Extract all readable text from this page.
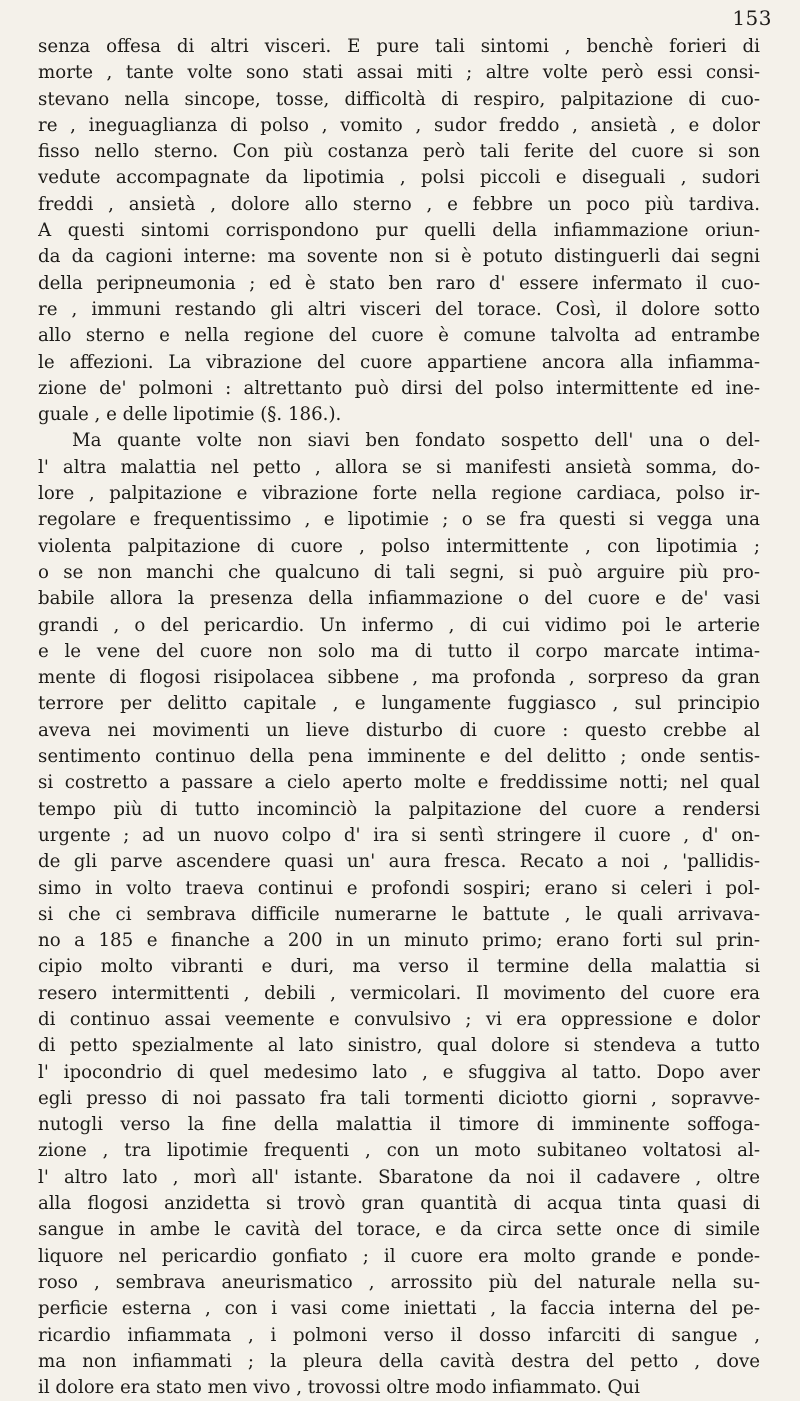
153
senza offesa di altri visceri. E pure tali sintomi , benchè forieri di
morte , tante volte sono stati assai miti ; altre volte però essi consi-
stevano nella sincope, tosse, difficoltà di respiro, palpitazione di cuo-
re , ineguaglianza di polso , vomito , sudor freddo , ansietà , e dolor
fisso nello sterno. Con più costanza però tali ferite del cuore si son
vedute accompagnate da lipotimia , polsi piccoli e diseguali , sudori
freddi , ansietà , dolore allo sterno , e febbre un poco più tardiva.
A questi sintomi corrispondono pur quelli della infiammazione oriun-
da da cagioni interne: ma sovente non si è potuto distinguerli dai segni
della peripneumonia ; ed è stato ben raro d' essere infermato il cuo-
re , immuni restando gli altri visceri del torace. Così, il dolore sotto
allo sterno e nella regione del cuore è comune talvolta ad entrambe
le affezioni. La vibrazione del cuore appartiene ancora alla infiamma-
zione de' polmoni : altrettanto può dirsi del polso intermittente ed ine-
guale , e delle lipotimie (§. 186.).
Ma quante volte non siavi ben fondato sospetto dell' una o del-
l' altra malattia nel petto , allora se si manifesti ansietà somma, do-
lore , palpitazione e vibrazione forte nella regione cardiaca, polso ir-
regolare e frequentissimo , e lipotimie ; o se fra questi si vegga una
violenta palpitazione di cuore , polso intermittente , con lipotimia ;
o se non manchi che qualcuno di tali segni, si può arguire più pro-
babile allora la presenza della infiammazione o del cuore e de' vasi
grandi , o del pericardio. Un infermo , di cui vidimo poi le arterie
e le vene del cuore non solo ma di tutto il corpo marcate intima-
mente di flogosi risipolacea sibbene , ma profonda , sorpreso da gran
terrore per delitto capitale , e lungamente fuggiasco , sul principio
aveva nei movimenti un lieve disturbo di cuore : questo crebbe al
sentimento continuo della pena imminente e del delitto ; onde sentis-
si costretto a passare a cielo aperto molte e freddissime notti; nel qual
tempo più di tutto incominciò la palpitazione del cuore a rendersi
urgente ; ad un nuovo colpo d' ira si sentì stringere il cuore , d' on-
de gli parve ascendere quasi un' aura fresca. Recato a noi , 'pallidis-
simo in volto traeva continui e profondi sospiri; erano si celeri i pol-
si che ci sembrava difficile numerarne le battute , le quali arrivava-
no a 185 e finanche a 200 in un minuto primo; erano forti sul prin-
cipio molto vibranti e duri, ma verso il termine della malattia si
resero intermittenti , debili , vermicolari. Il movimento del cuore era
di continuo assai veemente e convulsivo ; vi era oppressione e dolor
di petto spezialmente al lato sinistro, qual dolore si stendeva a tutto
l' ipocondrio di quel medesimo lato , e sfuggiva al tatto. Dopo aver
egli presso di noi passato fra tali tormenti diciotto giorni , sopravve-
nutogli verso la fine della malattia il timore di imminente soffoga-
zione , tra lipotimie frequenti , con un moto subitaneo voltatosi al-
l' altro lato , morì all' istante. Sbaratone da noi il cadavere , oltre
alla flogosi anzidetta si trovò gran quantità di acqua tinta quasi di
sangue in ambe le cavità del torace, e da circa sette once di simile
liquore nel pericardio gonfiato ; il cuore era molto grande e ponde-
roso , sembrava aneurismatico , arrossito più del naturale nella su-
perficie esterna , con i vasi come iniettati , la faccia interna del pe-
ricardio infiammata , i polmoni verso il dosso infarciti di sangue ,
ma non infiammati ; la pleura della cavità destra del petto , dove
il dolore era stato men vivo , trovossi oltre modo infiammato. Qui
